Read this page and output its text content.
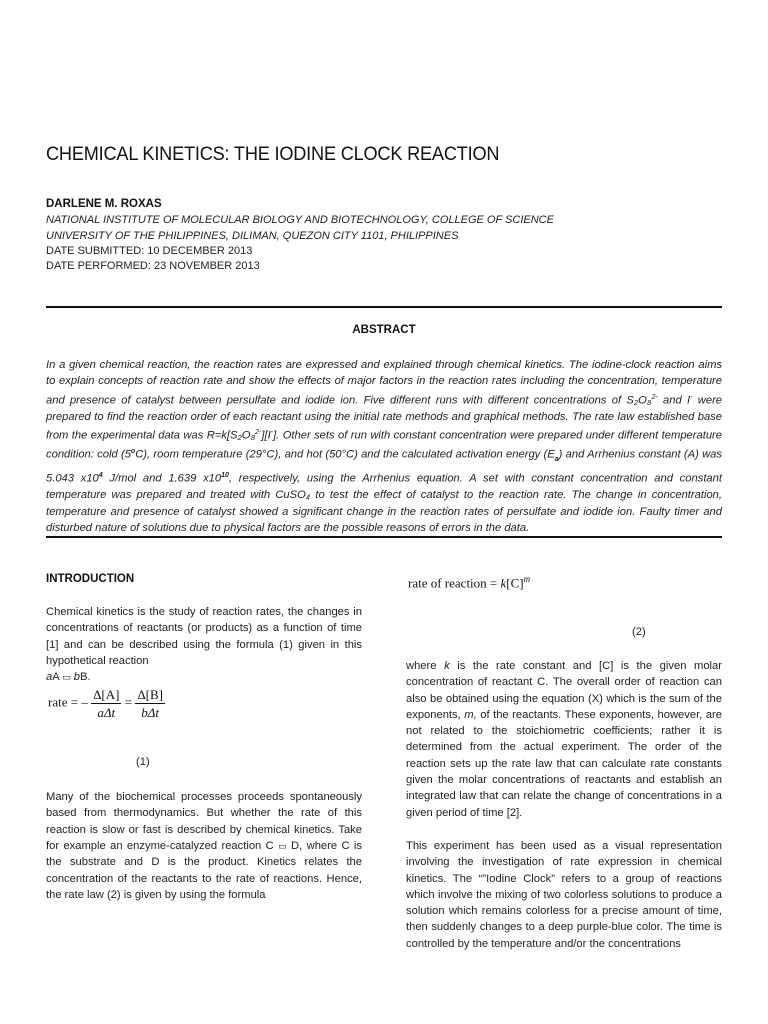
CHEMICAL KINETICS: THE IODINE CLOCK REACTION
DARLENE M. ROXAS
NATIONAL INSTITUTE OF MOLECULAR BIOLOGY AND BIOTECHNOLOGY, COLLEGE OF SCIENCE
UNIVERSITY OF THE PHILIPPINES, DILIMAN, QUEZON CITY 1101, PHILIPPINES
DATE SUBMITTED: 10 DECEMBER 2013
DATE PERFORMED: 23 NOVEMBER 2013
ABSTRACT
In a given chemical reaction, the reaction rates are expressed and explained through chemical kinetics. The iodine-clock reaction aims to explain concepts of reaction rate and show the effects of major factors in the reaction rates including the concentration, temperature and presence of catalyst between persulfate and iodide ion. Five different runs with different concentrations of S₂O₈$^{2-}$ and I- were prepared to find the reaction order of each reactant using the initial rate methods and graphical methods. The rate law established base from the experimental data was R=k[S₂O₈$^{2-}$][I-]. Other sets of run with constant concentration were prepared under different temperature condition: cold (5$^o$C), room temperature (29°C), and hot (50°C) and the calculated activation energy $(E_a)$ and Arrhenius constant (A) was 5.043 $x10^4$ J/mol and 1.639 $x10^{10}$, respectively, using the Arrhenius equation. A set with constant concentration and constant temperature was prepared and treated with CuSO₄ to test the effect of catalyst to the reaction rate. The change in concentration, temperature and presence of catalyst showed a significant change in the reaction rates of persulfate and iodide ion. Faulty timer and disturbed nature of solutions due to physical factors are the possible reasons of errors in the data.
INTRODUCTION

Chemical kinetics is the study of reaction rates, the changes in concentrations of reactants (or products) as a function of time [1] and can be described using the formula (1) given in this hypothetical reaction

aA ▭ bB.

rate = – $\frac{\Delta[A]}{\text{aΔt}} = \frac{\Delta[B]}{\text{bΔt}}$
(1)

Many of the biochemical processes proceeds spontaneously based from thermodynamics. But whether the rate of this reaction is slow or fast is described by chemical kinetics. Take for example an enzyme-catalyzed reaction C ▭ D, where C is the substrate and D is the product. Kinetics relates the concentration of the reactants to the rate of reactions. Hence, the rate law (2) is given by using the formula

rate of reaction = $k[C]^m$
(2)

where k is the rate constant and [C] is the given molar concentration of reactant C. The overall order of reaction can also be obtained using the equation (X) which is the sum of the exponents, m, of the reactants. These exponents, however, are not related to the stoichiometric coefficients; rather it is determined from the actual experiment. The order of the reaction sets up the rate law that can calculate rate constants given the molar concentrations of reactants and establish an integrated law that can relate the change of concentrations in a given period of time [2].

This experiment has been used as a visual representation involving the investigation of rate expression in chemical kinetics. The “”Iodine Clock” refers to a group of reactions which involve the mixing of two colorless solutions to produce a solution which remains colorless for a precise amount of time, then suddenly changes to a deep purple-blue color. The time is controlled by the temperature and/or the concentrations
